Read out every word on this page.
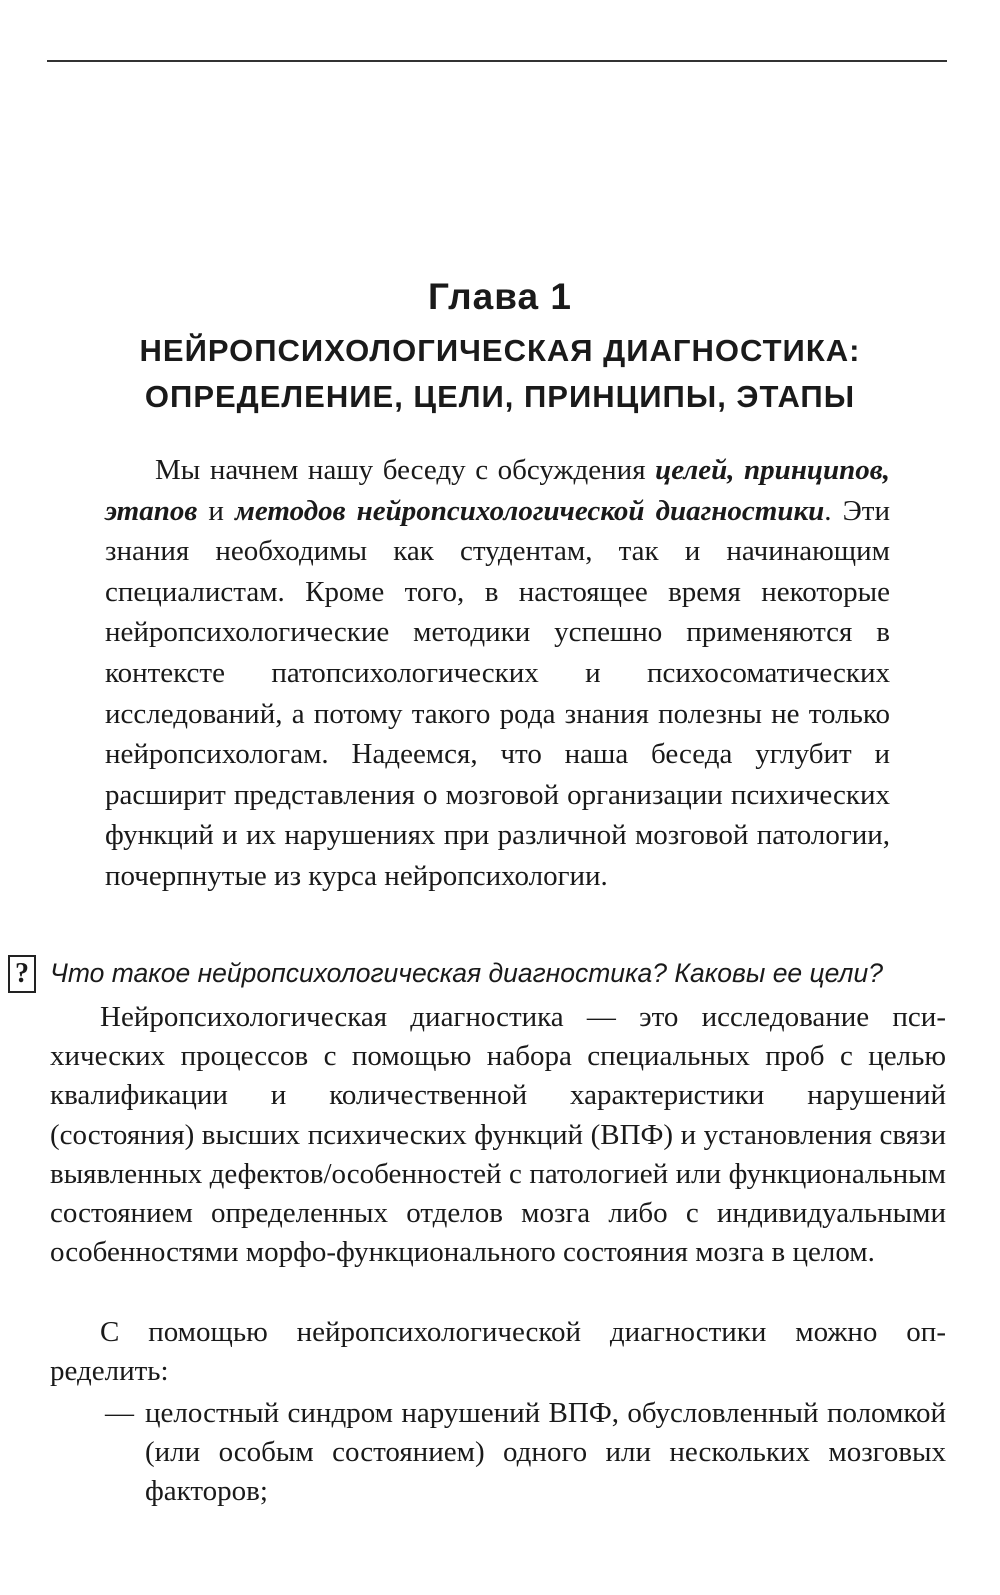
Глава 1
НЕЙРОПСИХОЛОГИЧЕСКАЯ ДИАГНОСТИКА:
ОПРЕДЕЛЕНИЕ, ЦЕЛИ, ПРИНЦИПЫ, ЭТАПЫ

Мы начнем нашу беседу с обсуждения целей, принципов, этапов и методов нейропсихологической диагностики. Эти знания необходимы как студентам, так и начинающим специалистам. Кроме того, в настоящее время некоторые нейропсихологические методики успешно применяются в контексте патопсихологических и психосоматических исследований, а потому такого рода знания полезны не только нейропсихологам. Надеемся, что наша беседа углубит и расширит представления о мозговой организации психических функций и их нарушениях при различной мозговой патологии, почерпнутые из курса нейропсихологии.

? Что такое нейропсихологическая диагностика? Каковы ее цели?

Нейропсихологическая диагностика — это исследование психических процессов с помощью набора специальных проб с целью квалификации и количественной характеристики нарушений (состояния) высших психических функций (ВПФ) и установления связи выявленных дефектов/особенностей с патологией или функциональным состоянием определенных отделов мозга либо с индивидуальными особенностями морфо-функционального состояния мозга в целом.

С помощью нейропсихологической диагностики можно определить:

— целостный синдром нарушений ВПФ, обусловленный поломкой (или особым состоянием) одного или нескольких мозговых факторов;
